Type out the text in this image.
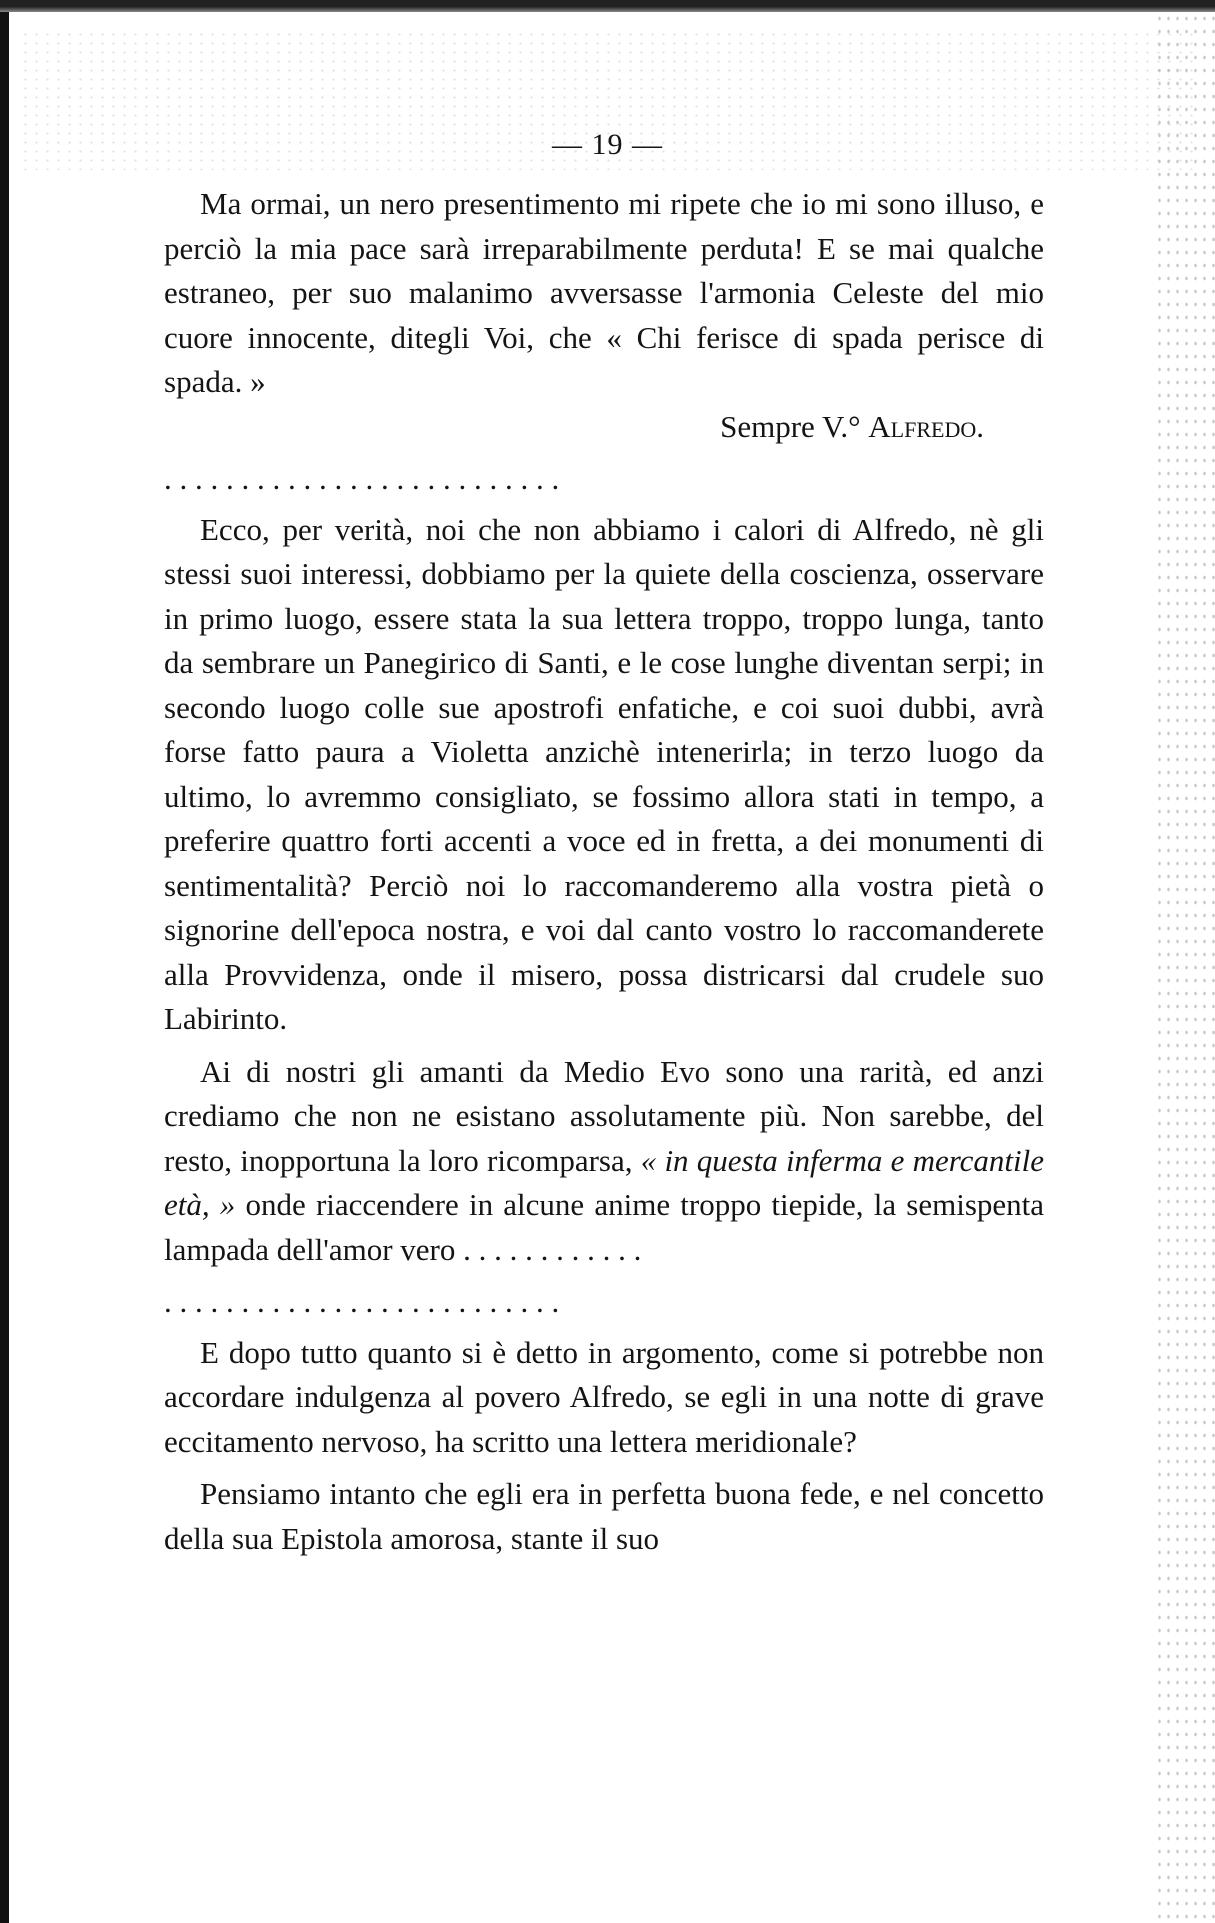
— 19 —

Ma ormai, un nero presentimento mi ripete che io mi sono illuso, e perciò la mia pace sarà irreparabilmente perduta! E se mai qualche estraneo, per suo malanimo avversasse l'armonia Celeste del mio cuore innocente, ditegli Voi, che « Chi ferisce di spada perisce di spada. »

Sempre V.° Alfredo.
. . . . . . . . . . . . . . . . . . . . . . . . . .

Ecco, per verità, noi che non abbiamo i calori di Alfredo, nè gli stessi suoi interessi, dobbiamo per la quiete della coscienza, osservare in primo luogo, essere stata la sua lettera troppo, troppo lunga, tanto da sembrare un Panegirico di Santi, e le cose lunghe diventan serpi; in secondo luogo colle sue apostrofi enfatiche, e coi suoi dubbi, avrà forse fatto paura a Violetta anzichè intenerirla; in terzo luogo da ultimo, lo avremmo consigliato, se fossimo allora stati in tempo, a preferire quattro forti accenti a voce ed in fretta, a dei monumenti di sentimentalità? Perciò noi lo raccomanderemo alla vostra pietà o signorine dell'epoca nostra, e voi dal canto vostro lo raccomanderete alla Provvidenza, onde il misero, possa districarsi dal crudele suo Labirinto.

Ai di nostri gli amanti da Medio Evo sono una rarità, ed anzi crediamo che non ne esistano assolutamente più. Non sarebbe, del resto, inopportuna la loro ricomparsa, « in questa inferma e mercantile età, » onde riaccendere in alcune anime troppo tiepide, la semispenta lampada dell'amor vero . . . . . . . . . . . .

. . . . . . . . . . . . . . . . . . . . . . . . . .

E dopo tutto quanto si è detto in argomento, come si potrebbe non accordare indulgenza al povero Alfredo, se egli in una notte di grave eccitamento nervoso, ha scritto una lettera meridionale?

Pensiamo intanto che egli era in perfetta buona fede, e nel concetto della sua Epistola amorosa, stante il suo
